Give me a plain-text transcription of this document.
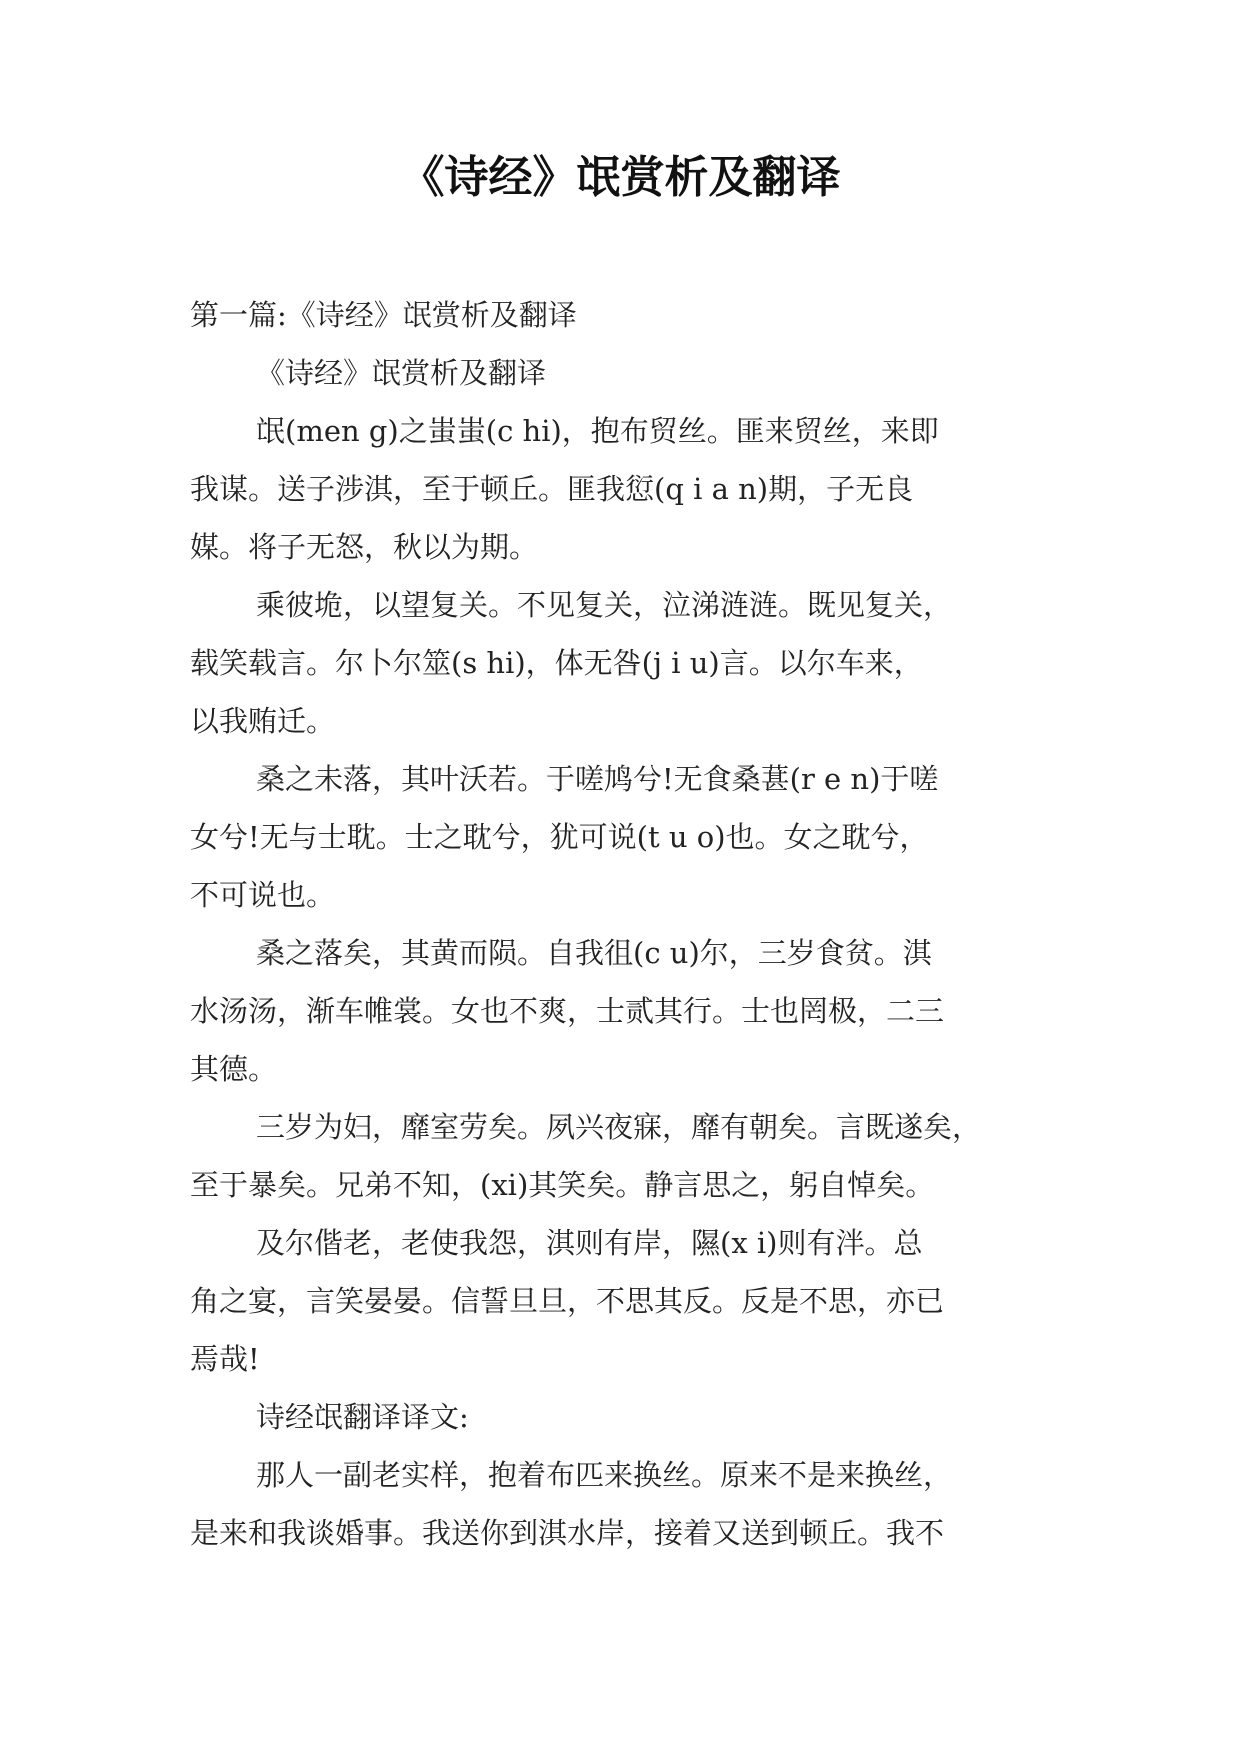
《诗经》氓赏析及翻译
第一篇:《诗经》氓赏析及翻译
《诗经》氓赏析及翻译
氓(men g)之蚩蚩(c hi)，抱布贸丝。匪来贸丝，来即
我谋。送子涉淇，至于顿丘。匪我愆(q i a n)期，子无良
媒。将子无怒，秋以为期。
乘彼垝，以望复关。不见复关，泣涕涟涟。既见复关，
载笑载言。尔卜尔筮(s hi)，体无咎(j i u)言。以尔车来，
以我贿迁。
桑之未落，其叶沃若。于嗟鸠兮!无食桑葚(r e n)于嗟
女兮!无与士耽。士之耽兮，犹可说(t u o)也。女之耽兮，
不可说也。
桑之落矣，其黄而陨。自我徂(c u)尔，三岁食贫。淇
水汤汤，渐车帷裳。女也不爽，士贰其行。士也罔极，二三
其德。
三岁为妇，靡室劳矣。夙兴夜寐，靡有朝矣。言既遂矣，
至于暴矣。兄弟不知，(xi)其笑矣。静言思之，躬自悼矣。
及尔偕老，老使我怨，淇则有岸，隰(x i)则有泮。总
角之宴，言笑晏晏。信誓旦旦，不思其反。反是不思，亦已
焉哉!
诗经氓翻译译文:
那人一副老实样，抱着布匹来换丝。原来不是来换丝，
是来和我谈婚事。我送你到淇水岸，接着又送到顿丘。我不
